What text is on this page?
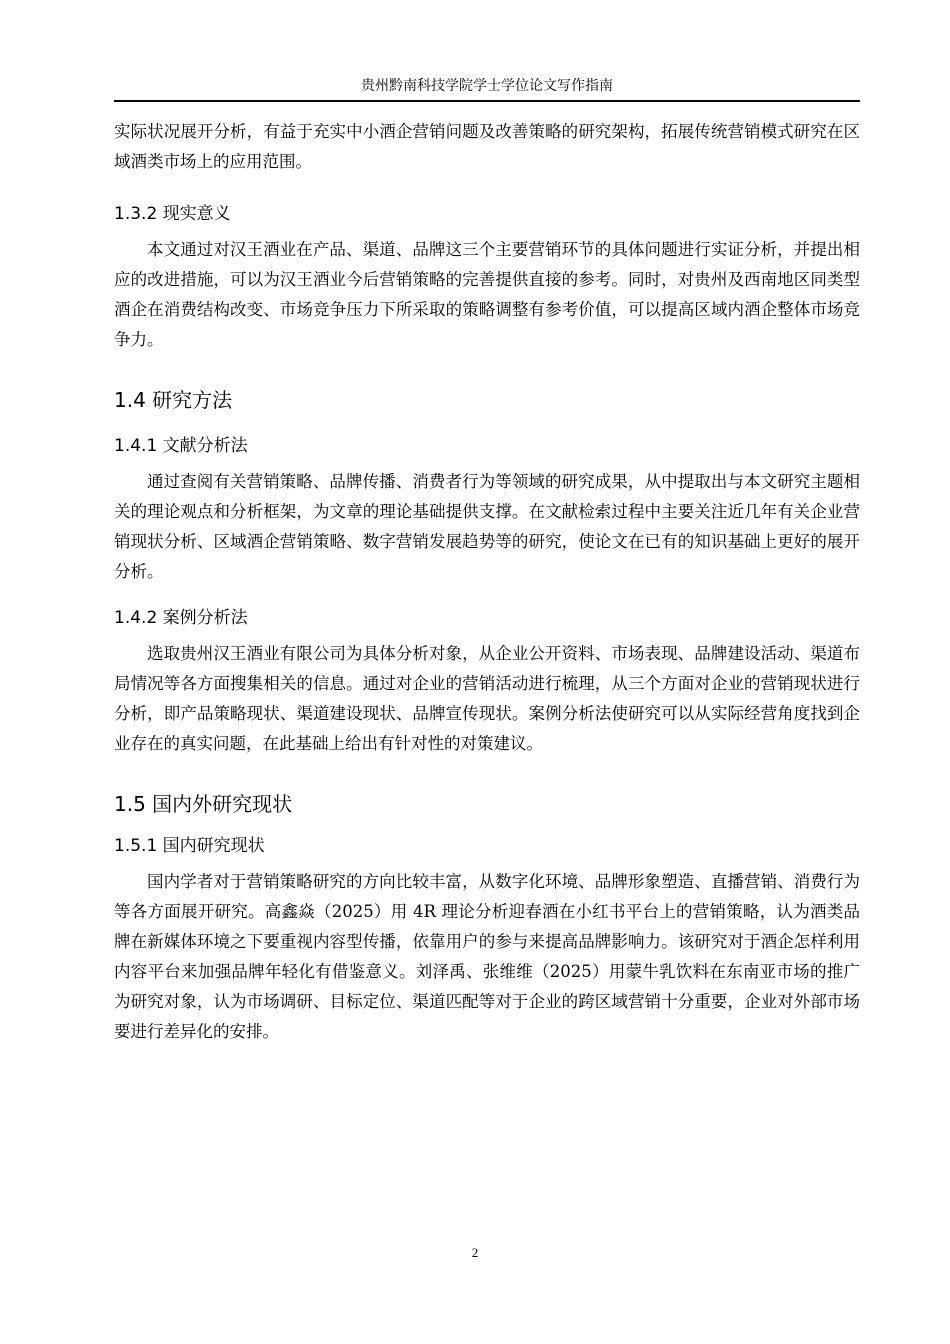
贵州黔南科技学院学士学位论文写作指南

实际状况展开分析，有益于充实中小酒企营销问题及改善策略的研究架构，拓展传统营销模式研究在区域酒类市场上的应用范围。

1.3.2 现实意义

本文通过对汉王酒业在产品、渠道、品牌这三个主要营销环节的具体问题进行实证分析，并提出相应的改进措施，可以为汉王酒业今后营销策略的完善提供直接的参考。同时，对贵州及西南地区同类型酒企在消费结构改变、市场竞争压力下所采取的策略调整有参考价值，可以提高区域内酒企整体市场竞争力。

1.4 研究方法
1.4.1 文献分析法

通过查阅有关营销策略、品牌传播、消费者行为等领域的研究成果，从中提取出与本文研究主题相关的理论观点和分析框架，为文章的理论基础提供支撑。在文献检索过程中主要关注近几年有关企业营销现状分析、区域酒企营销策略、数字营销发展趋势等的研究，使论文在已有的知识基础上更好的展开分析。

1.4.2 案例分析法

选取贵州汉王酒业有限公司为具体分析对象，从企业公开资料、市场表现、品牌建设活动、渠道布局情况等各方面搜集相关的信息。通过对企业的营销活动进行梳理，从三个方面对企业的营销现状进行分析，即产品策略现状、渠道建设现状、品牌宣传现状。案例分析法使研究可以从实际经营角度找到企业存在的真实问题，在此基础上给出有针对性的对策建议。

1.5 国内外研究现状
1.5.1 国内研究现状

国内学者对于营销策略研究的方向比较丰富，从数字化环境、品牌形象塑造、直播营销、消费行为等各方面展开研究。高鑫焱（2025）用 4R 理论分析迎春酒在小红书平台上的营销策略，认为酒类品牌在新媒体环境之下要重视内容型传播，依靠用户的参与来提高品牌影响力。该研究对于酒企怎样利用内容平台来加强品牌年轻化有借鉴意义。刘泽禹、张维维（2025）用蒙牛乳饮料在东南亚市场的推广为研究对象，认为市场调研、目标定位、渠道匹配等对于企业的跨区域营销十分重要，企业对外部市场要进行差异化的安排。

2
